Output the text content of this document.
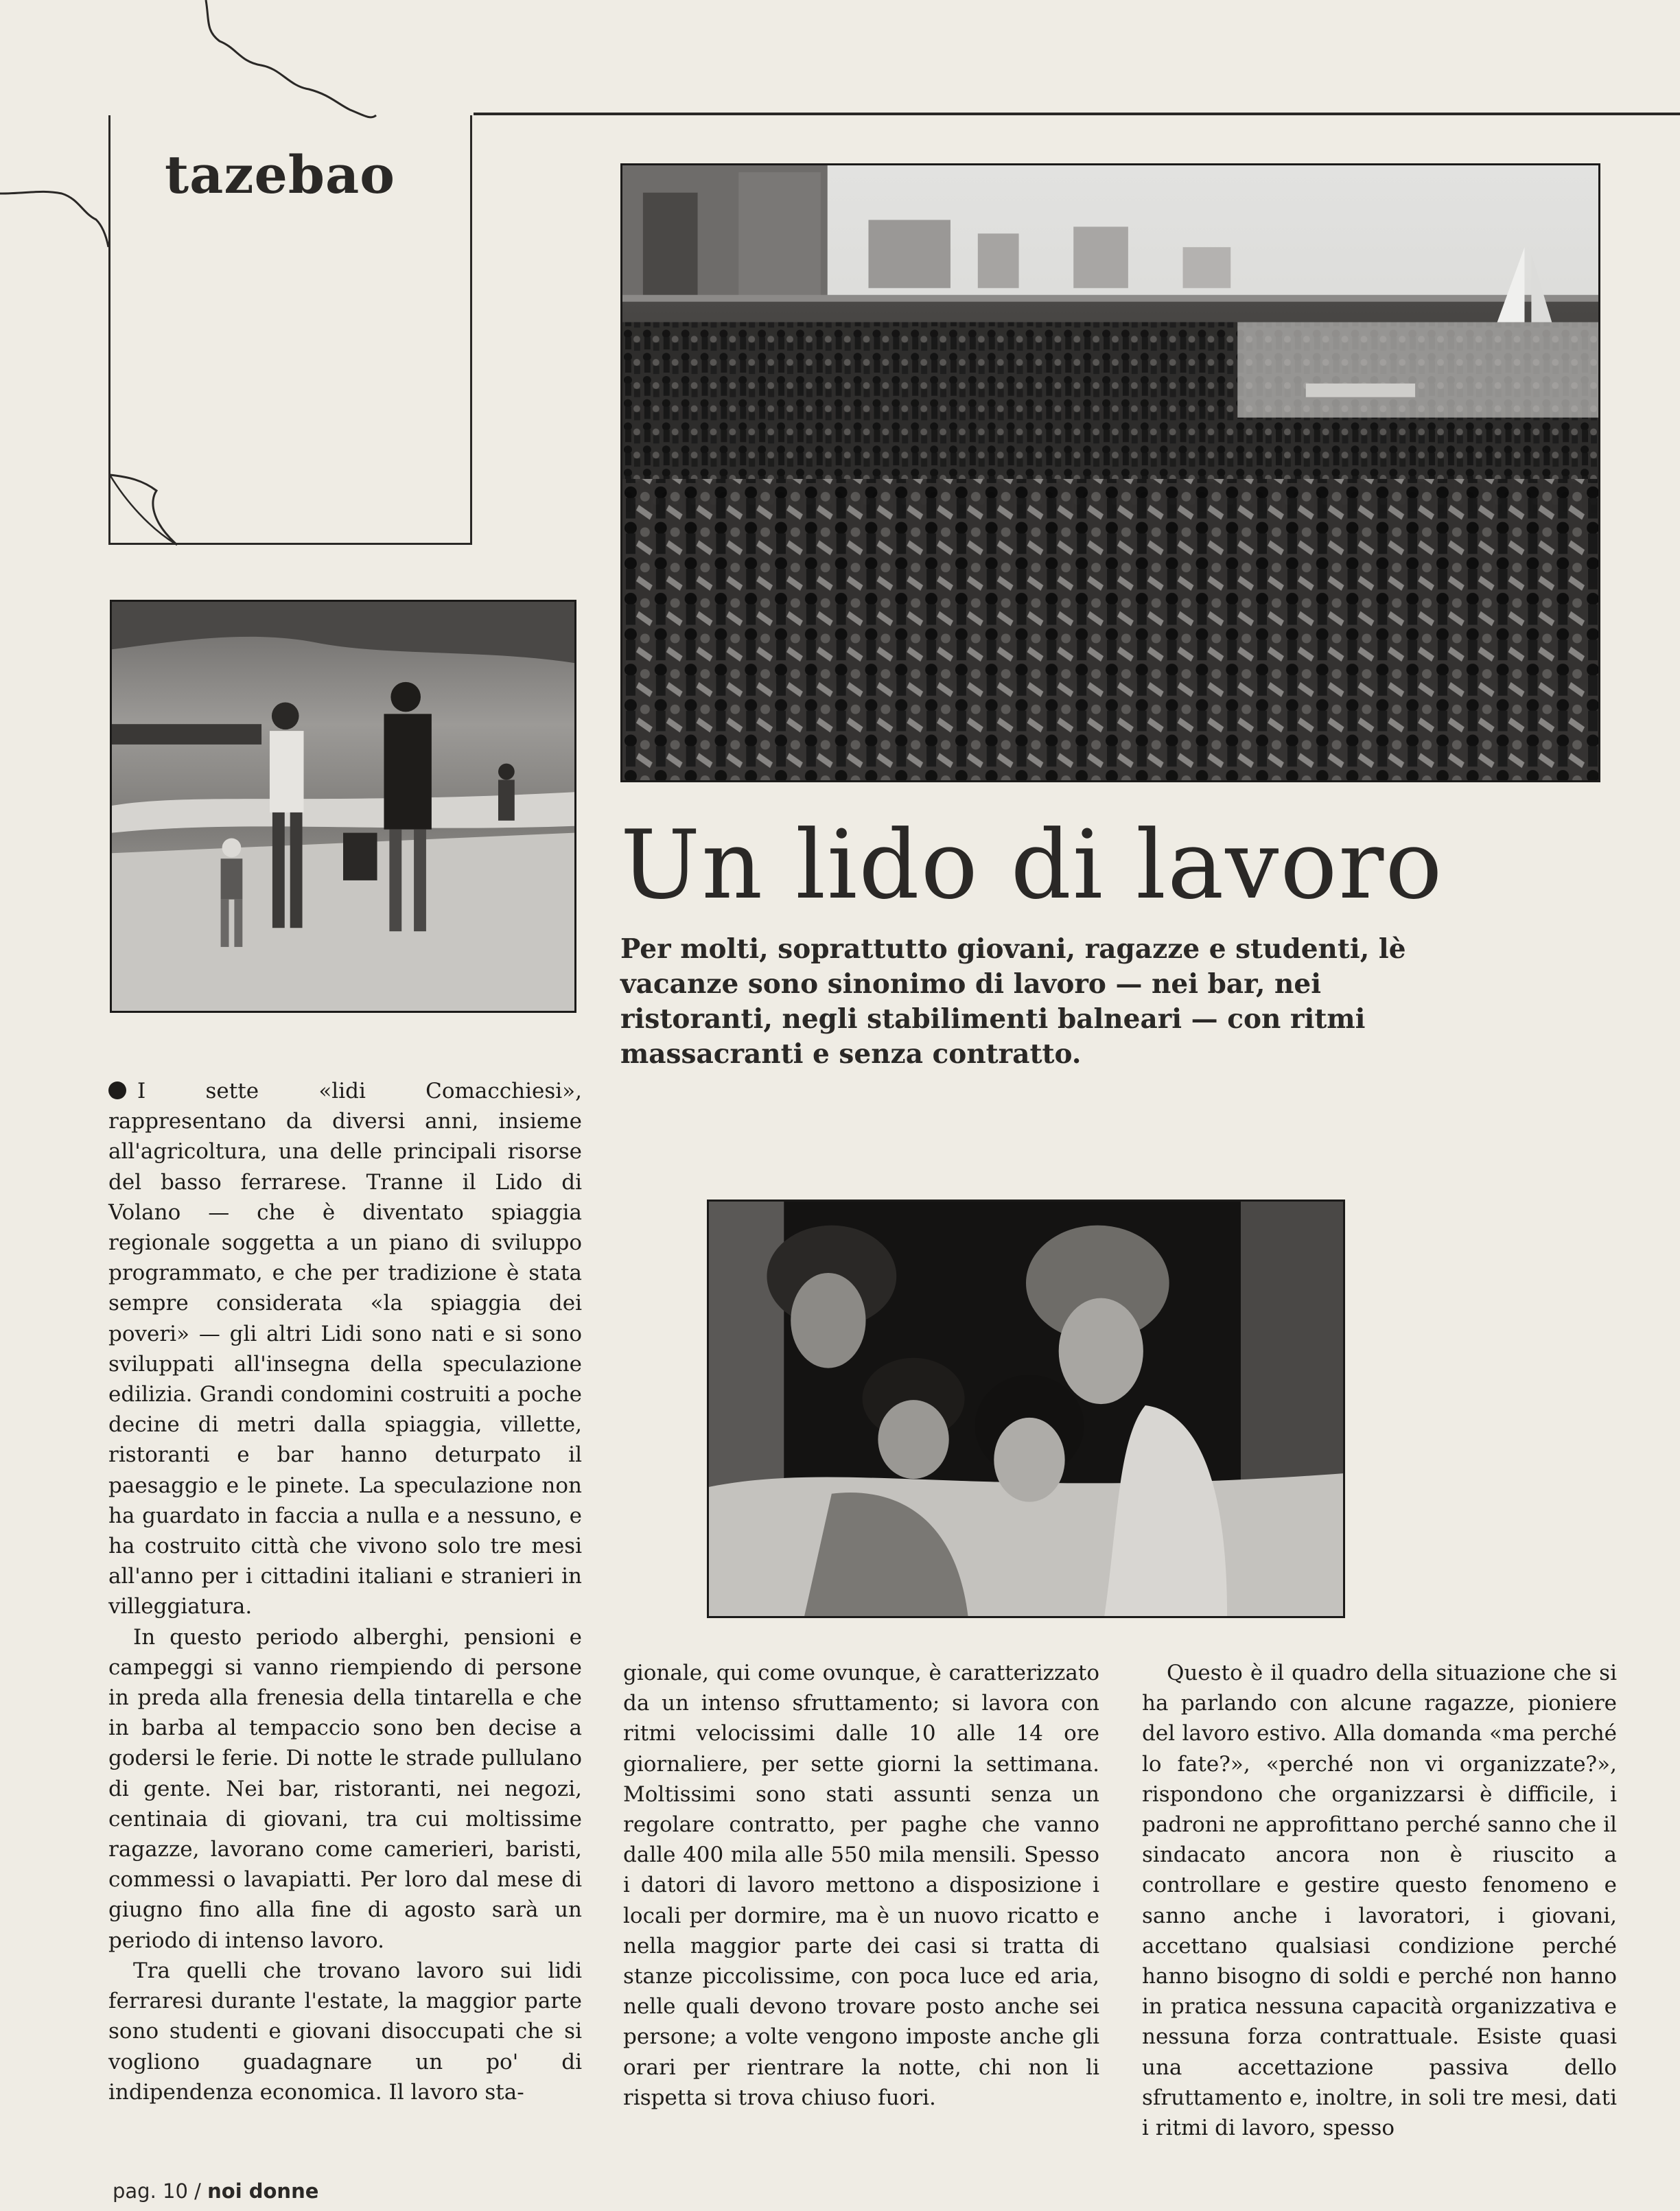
tazebao
Un lido di lavoro

Per molti, soprattutto giovani, ragazze e studenti, lè vacanze sono sinonimo di lavoro — nei bar, nei ristoranti, negli stabilimenti balneari — con ritmi massacranti e senza contratto.

I sette «lidi Comacchiesi», rappresentano da diversi anni, insieme all'agricoltura, una delle principali risorse del basso ferrarese. Tranne il Lido di Volano — che è diventato spiaggia regionale soggetta a un piano di sviluppo programmato, e che per tradizione è stata sempre considerata «la spiaggia dei poveri» — gli altri Lidi sono nati e si sono sviluppati all'insegna della speculazione edilizia. Grandi condomini costruiti a poche decine di metri dalla spiaggia, villette, ristoranti e bar hanno deturpato il paesaggio e le pinete. La speculazione non ha guardato in faccia a nulla e a nessuno, e ha costruito città che vivono solo tre mesi all'anno per i cittadini italiani e stranieri in villeggiatura.

In questo periodo alberghi, pensioni e campeggi si vanno riempiendo di persone in preda alla frenesia della tintarella e che in barba al tempaccio sono ben decise a godersi le ferie. Di notte le strade pullulano di gente. Nei bar, ristoranti, nei negozi, centinaia di giovani, tra cui moltissime ragazze, lavorano come camerieri, baristi, commessi o lavapiatti. Per loro dal mese di giugno fino alla fine di agosto sarà un periodo di intenso lavoro.

Tra quelli che trovano lavoro sui lidi ferraresi durante l'estate, la maggior parte sono studenti e giovani disoccupati che si vogliono guadagnare un po' di indipendenza economica. Il lavoro sta-

gionale, qui come ovunque, è caratterizzato da un intenso sfruttamento; si lavora con ritmi velocissimi dalle 10 alle 14 ore giornaliere, per sette giorni la settimana. Moltissimi sono stati assunti senza un regolare contratto, per paghe che vanno dalle 400 mila alle 550 mila mensili. Spesso i datori di lavoro mettono a disposizione i locali per dormire, ma è un nuovo ricatto e nella maggior parte dei casi si tratta di stanze piccolissime, con poca luce ed aria, nelle quali devono trovare posto anche sei persone; a volte vengono imposte anche gli orari per rientrare la notte, chi non li rispetta si trova chiuso fuori.

Questo è il quadro della situazione che si ha parlando con alcune ragazze, pioniere del lavoro estivo. Alla domanda «ma perché lo fate?», «perché non vi organizzate?», rispondono che organizzarsi è difficile, i padroni ne approfittano perché sanno che il sindacato ancora non è riuscito a controllare e gestire questo fenomeno e sanno anche i lavoratori, i giovani, accettano qualsiasi condizione perché hanno bisogno di soldi e perché non hanno in pratica nessuna capacità organizzativa e nessuna forza contrattuale. Esiste quasi una accettazione passiva dello sfruttamento e, inoltre, in soli tre mesi, dati i ritmi di lavoro, spesso

pag. 10 / noi donne
